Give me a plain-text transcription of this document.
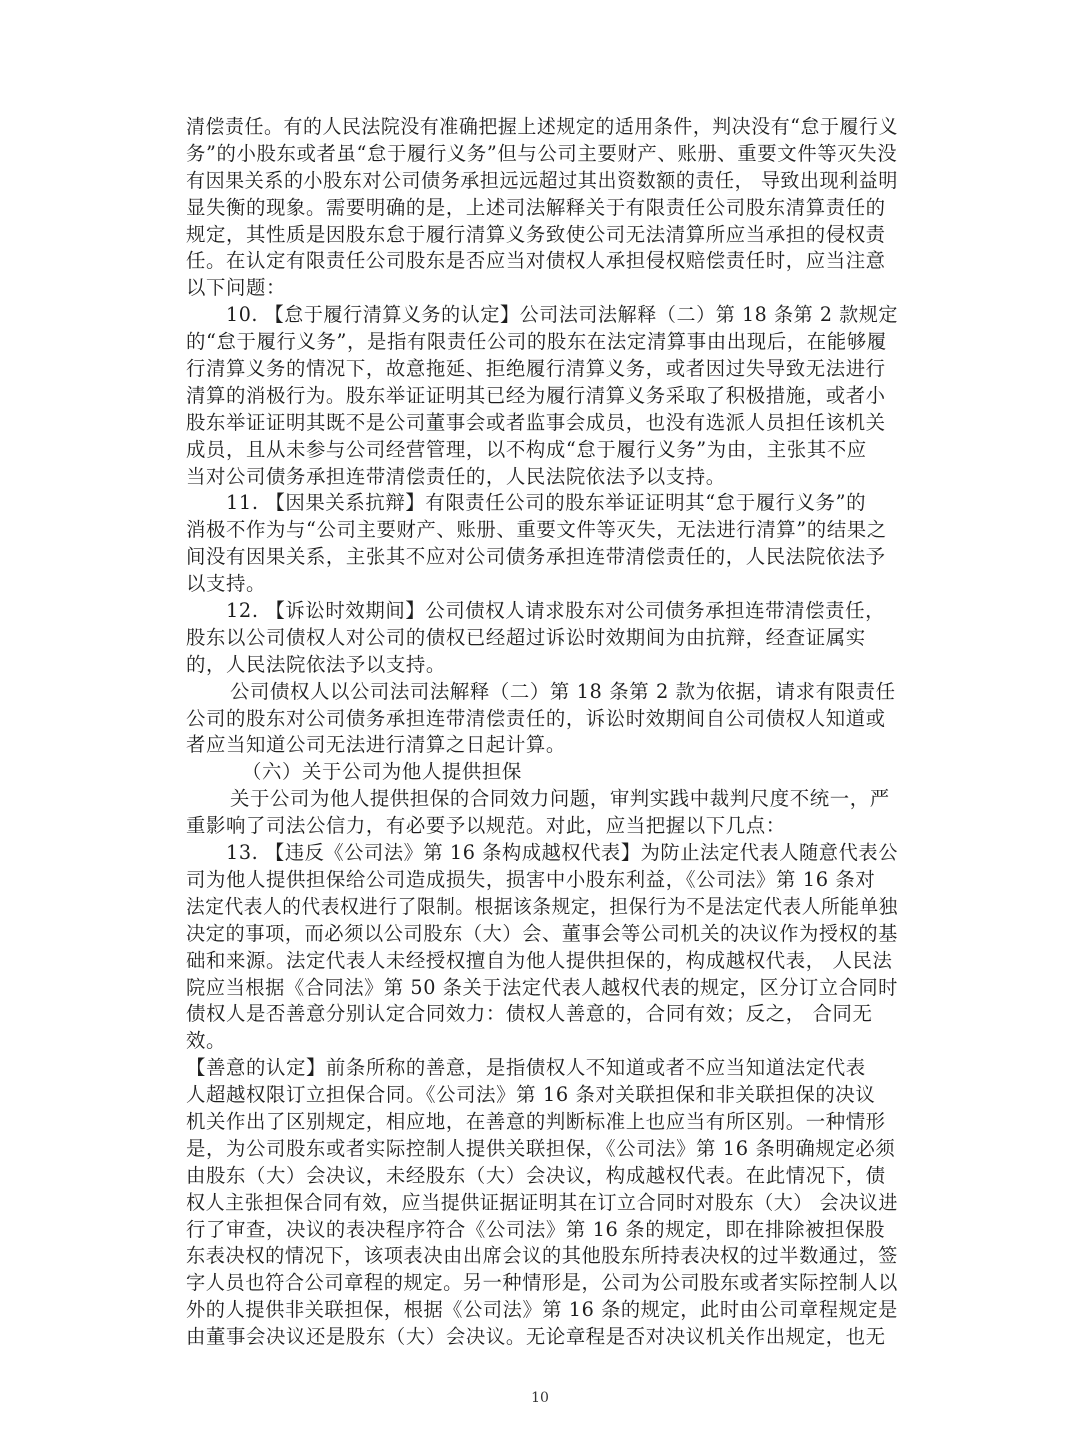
清偿责任。有的人民法院没有准确把握上述规定的适用条件，判决没有“怠于履行义
务”的小股东或者虽“怠于履行义务”但与公司主要财产、账册、重要文件等灭失没
有因果关系的小股东对公司债务承担远远超过其出资数额的责任， 导致出现利益明
显失衡的现象。需要明确的是，上述司法解释关于有限责任公司股东清算责任的
规定，其性质是因股东怠于履行清算义务致使公司无法清算所应当承担的侵权责
任。在认定有限责任公司股东是否应当对债权人承担侵权赔偿责任时，应当注意
以下问题：
10. 【怠于履行清算义务的认定】公司法司法解释（二）第 18 条第 2 款规定
的“怠于履行义务”，是指有限责任公司的股东在法定清算事由出现后，在能够履
行清算义务的情况下，故意拖延、拒绝履行清算义务，或者因过失导致无法进行
清算的消极行为。股东举证证明其已经为履行清算义务采取了积极措施，或者小
股东举证证明其既不是公司董事会或者监事会成员，也没有选派人员担任该机关
成员，且从未参与公司经营管理，以不构成“怠于履行义务”为由，主张其不应
当对公司债务承担连带清偿责任的，人民法院依法予以支持。
11. 【因果关系抗辩】有限责任公司的股东举证证明其“怠于履行义务”的
消极不作为与“公司主要财产、账册、重要文件等灭失，无法进行清算”的结果之
间没有因果关系，主张其不应对公司债务承担连带清偿责任的，人民法院依法予
以支持。
12. 【诉讼时效期间】公司债权人请求股东对公司债务承担连带清偿责任，
股东以公司债权人对公司的债权已经超过诉讼时效期间为由抗辩，经查证属实
的，人民法院依法予以支持。
公司债权人以公司法司法解释（二）第 18 条第 2 款为依据，请求有限责任
公司的股东对公司债务承担连带清偿责任的，诉讼时效期间自公司债权人知道或
者应当知道公司无法进行清算之日起计算。
（六）关于公司为他人提供担保
关于公司为他人提供担保的合同效力问题，审判实践中裁判尺度不统一，严
重影响了司法公信力，有必要予以规范。对此，应当把握以下几点：
13. 【违反《公司法》第 16 条构成越权代表】为防止法定代表人随意代表公
司为他人提供担保给公司造成损失，损害中小股东利益，《公司法》第 16 条对
法定代表人的代表权进行了限制。根据该条规定，担保行为不是法定代表人所能单独
决定的事项，而必须以公司股东（大）会、董事会等公司机关的决议作为授权的基
础和来源。法定代表人未经授权擅自为他人提供担保的，构成越权代表， 人民法
院应当根据《合同法》第 50 条关于法定代表人越权代表的规定，区分订立合同时
债权人是否善意分别认定合同效力：债权人善意的，合同有效；反之， 合同无
效。
【善意的认定】前条所称的善意，是指债权人不知道或者不应当知道法定代表
人超越权限订立担保合同。《公司法》第 16 条对关联担保和非关联担保的决议
机关作出了区别规定，相应地，在善意的判断标准上也应当有所区别。一种情形
是，为公司股东或者实际控制人提供关联担保，《公司法》第 16 条明确规定必须
由股东（大）会决议，未经股东（大）会决议，构成越权代表。在此情况下，债
权人主张担保合同有效，应当提供证据证明其在订立合同时对股东（大） 会决议进
行了审查，决议的表决程序符合《公司法》第 16 条的规定，即在排除被担保股
东表决权的情况下，该项表决由出席会议的其他股东所持表决权的过半数通过，签
字人员也符合公司章程的规定。另一种情形是，公司为公司股东或者实际控制人以
外的人提供非关联担保，根据《公司法》第 16 条的规定，此时由公司章程规定是
由董事会决议还是股东（大）会决议。无论章程是否对决议机关作出规定，也无
10
